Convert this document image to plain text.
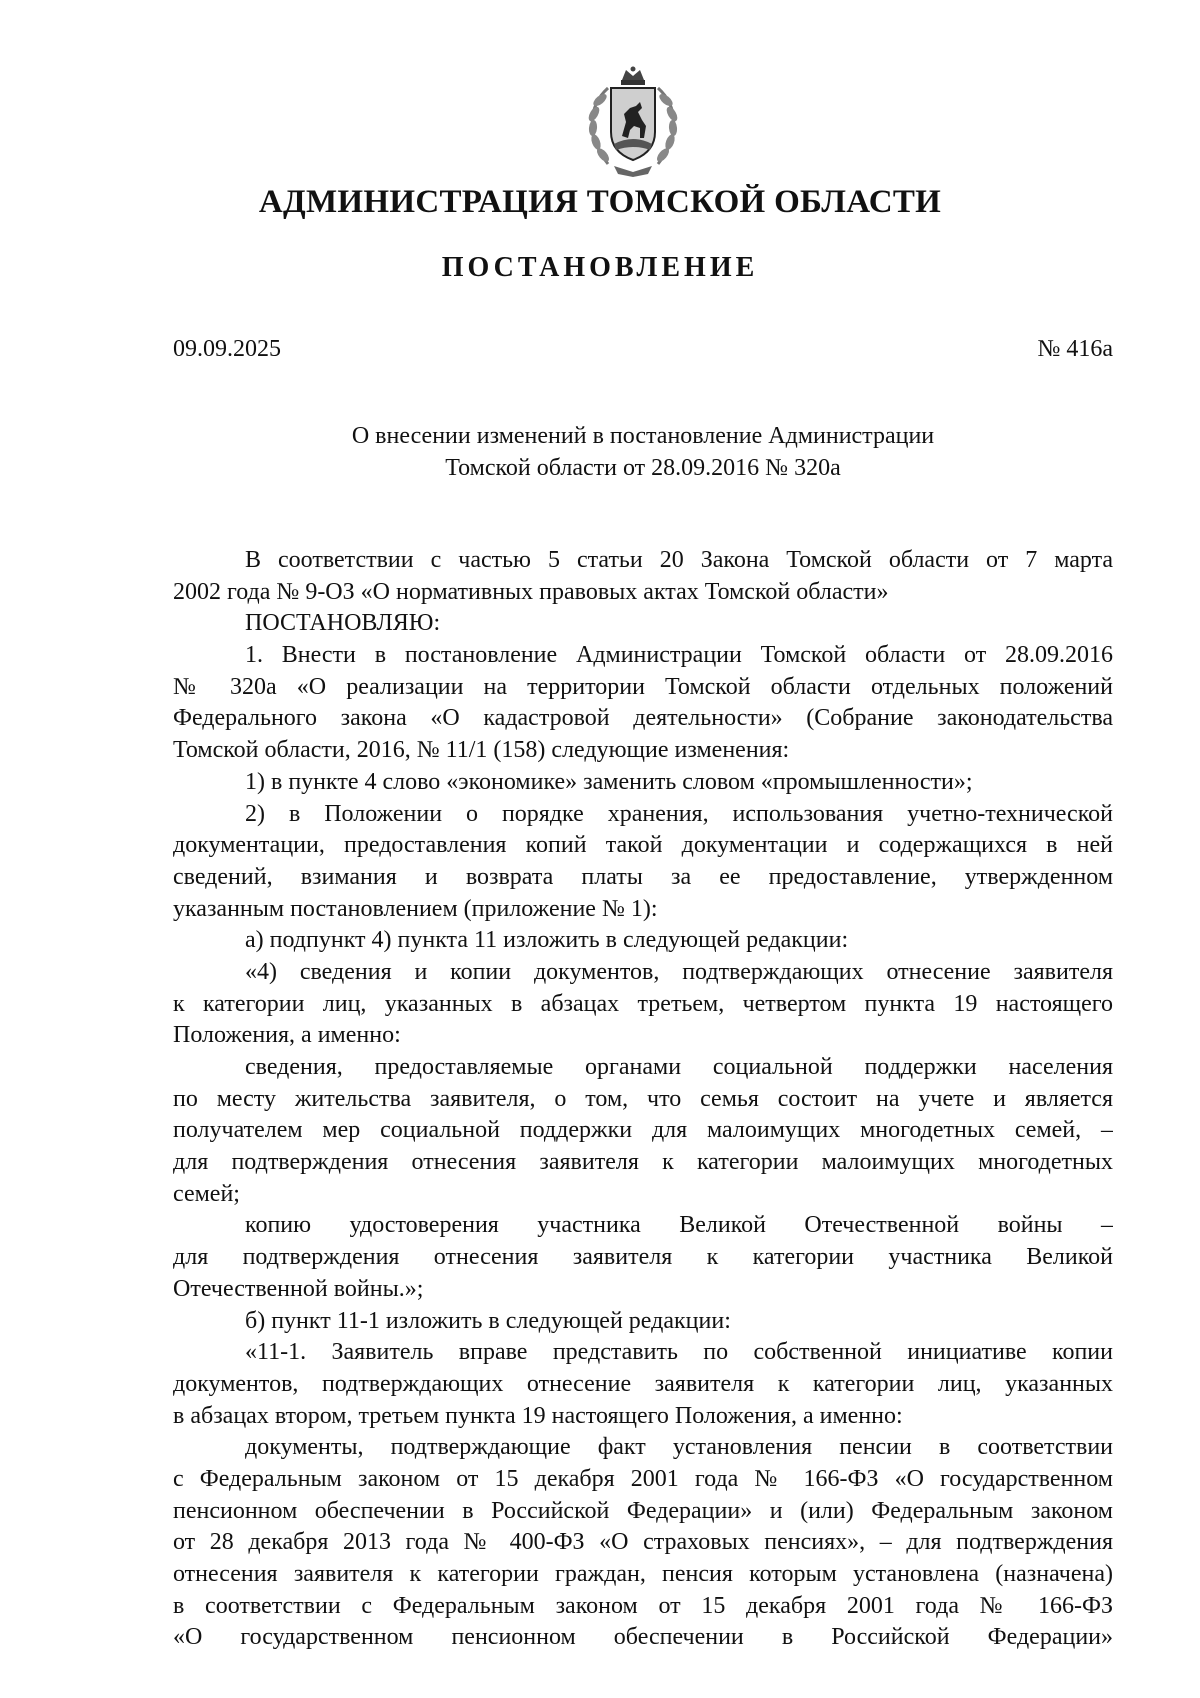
АДМИНИСТРАЦИЯ ТОМСКОЙ ОБЛАСТИ
ПОСТАНОВЛЕНИЕ
09.09.2025	№ 416а
О внесении изменений в постановление Администрации
Томской области от 28.09.2016 № 320а
В соответствии с частью 5 статьи 20 Закона Томской области от 7 марта
2002 года № 9-ОЗ «О нормативных правовых актах Томской области»
ПОСТАНОВЛЯЮ:
1. Внести в постановление Администрации Томской области от 28.09.2016
№ 320а «О реализации на территории Томской области отдельных положений
Федерального закона «О кадастровой деятельности» (Собрание законодательства
Томской области, 2016, № 11/1 (158) следующие изменения:
1) в пункте 4 слово «экономике» заменить словом «промышленности»;
2) в Положении о порядке хранения, использования учетно-технической
документации, предоставления копий такой документации и содержащихся в ней
сведений, взимания и возврата платы за ее предоставление, утвержденном
указанным постановлением (приложение № 1):
а) подпункт 4) пункта 11 изложить в следующей редакции:
«4) сведения и копии документов, подтверждающих отнесение заявителя
к категории лиц, указанных в абзацах третьем, четвертом пункта 19 настоящего
Положения, а именно:
сведения, предоставляемые органами социальной поддержки населения
по месту жительства заявителя, о том, что семья состоит на учете и является
получателем мер социальной поддержки для малоимущих многодетных семей, –
для подтверждения отнесения заявителя к категории малоимущих многодетных
семей;
копию удостоверения участника Великой Отечественной войны –
для подтверждения отнесения заявителя к категории участника Великой
Отечественной войны.»;
б) пункт 11-1 изложить в следующей редакции:
«11-1. Заявитель вправе представить по собственной инициативе копии
документов, подтверждающих отнесение заявителя к категории лиц, указанных
в абзацах втором, третьем пункта 19 настоящего Положения, а именно:
документы, подтверждающие факт установления пенсии в соответствии
с Федеральным законом от 15 декабря 2001 года № 166-ФЗ «О государственном
пенсионном обеспечении в Российской Федерации» и (или) Федеральным законом
от 28 декабря 2013 года № 400-ФЗ «О страховых пенсиях», – для подтверждения
отнесения заявителя к категории граждан, пенсия которым установлена (назначена)
в соответствии с Федеральным законом от 15 декабря 2001 года № 166-ФЗ
«О государственном пенсионном обеспечении в Российской Федерации»
